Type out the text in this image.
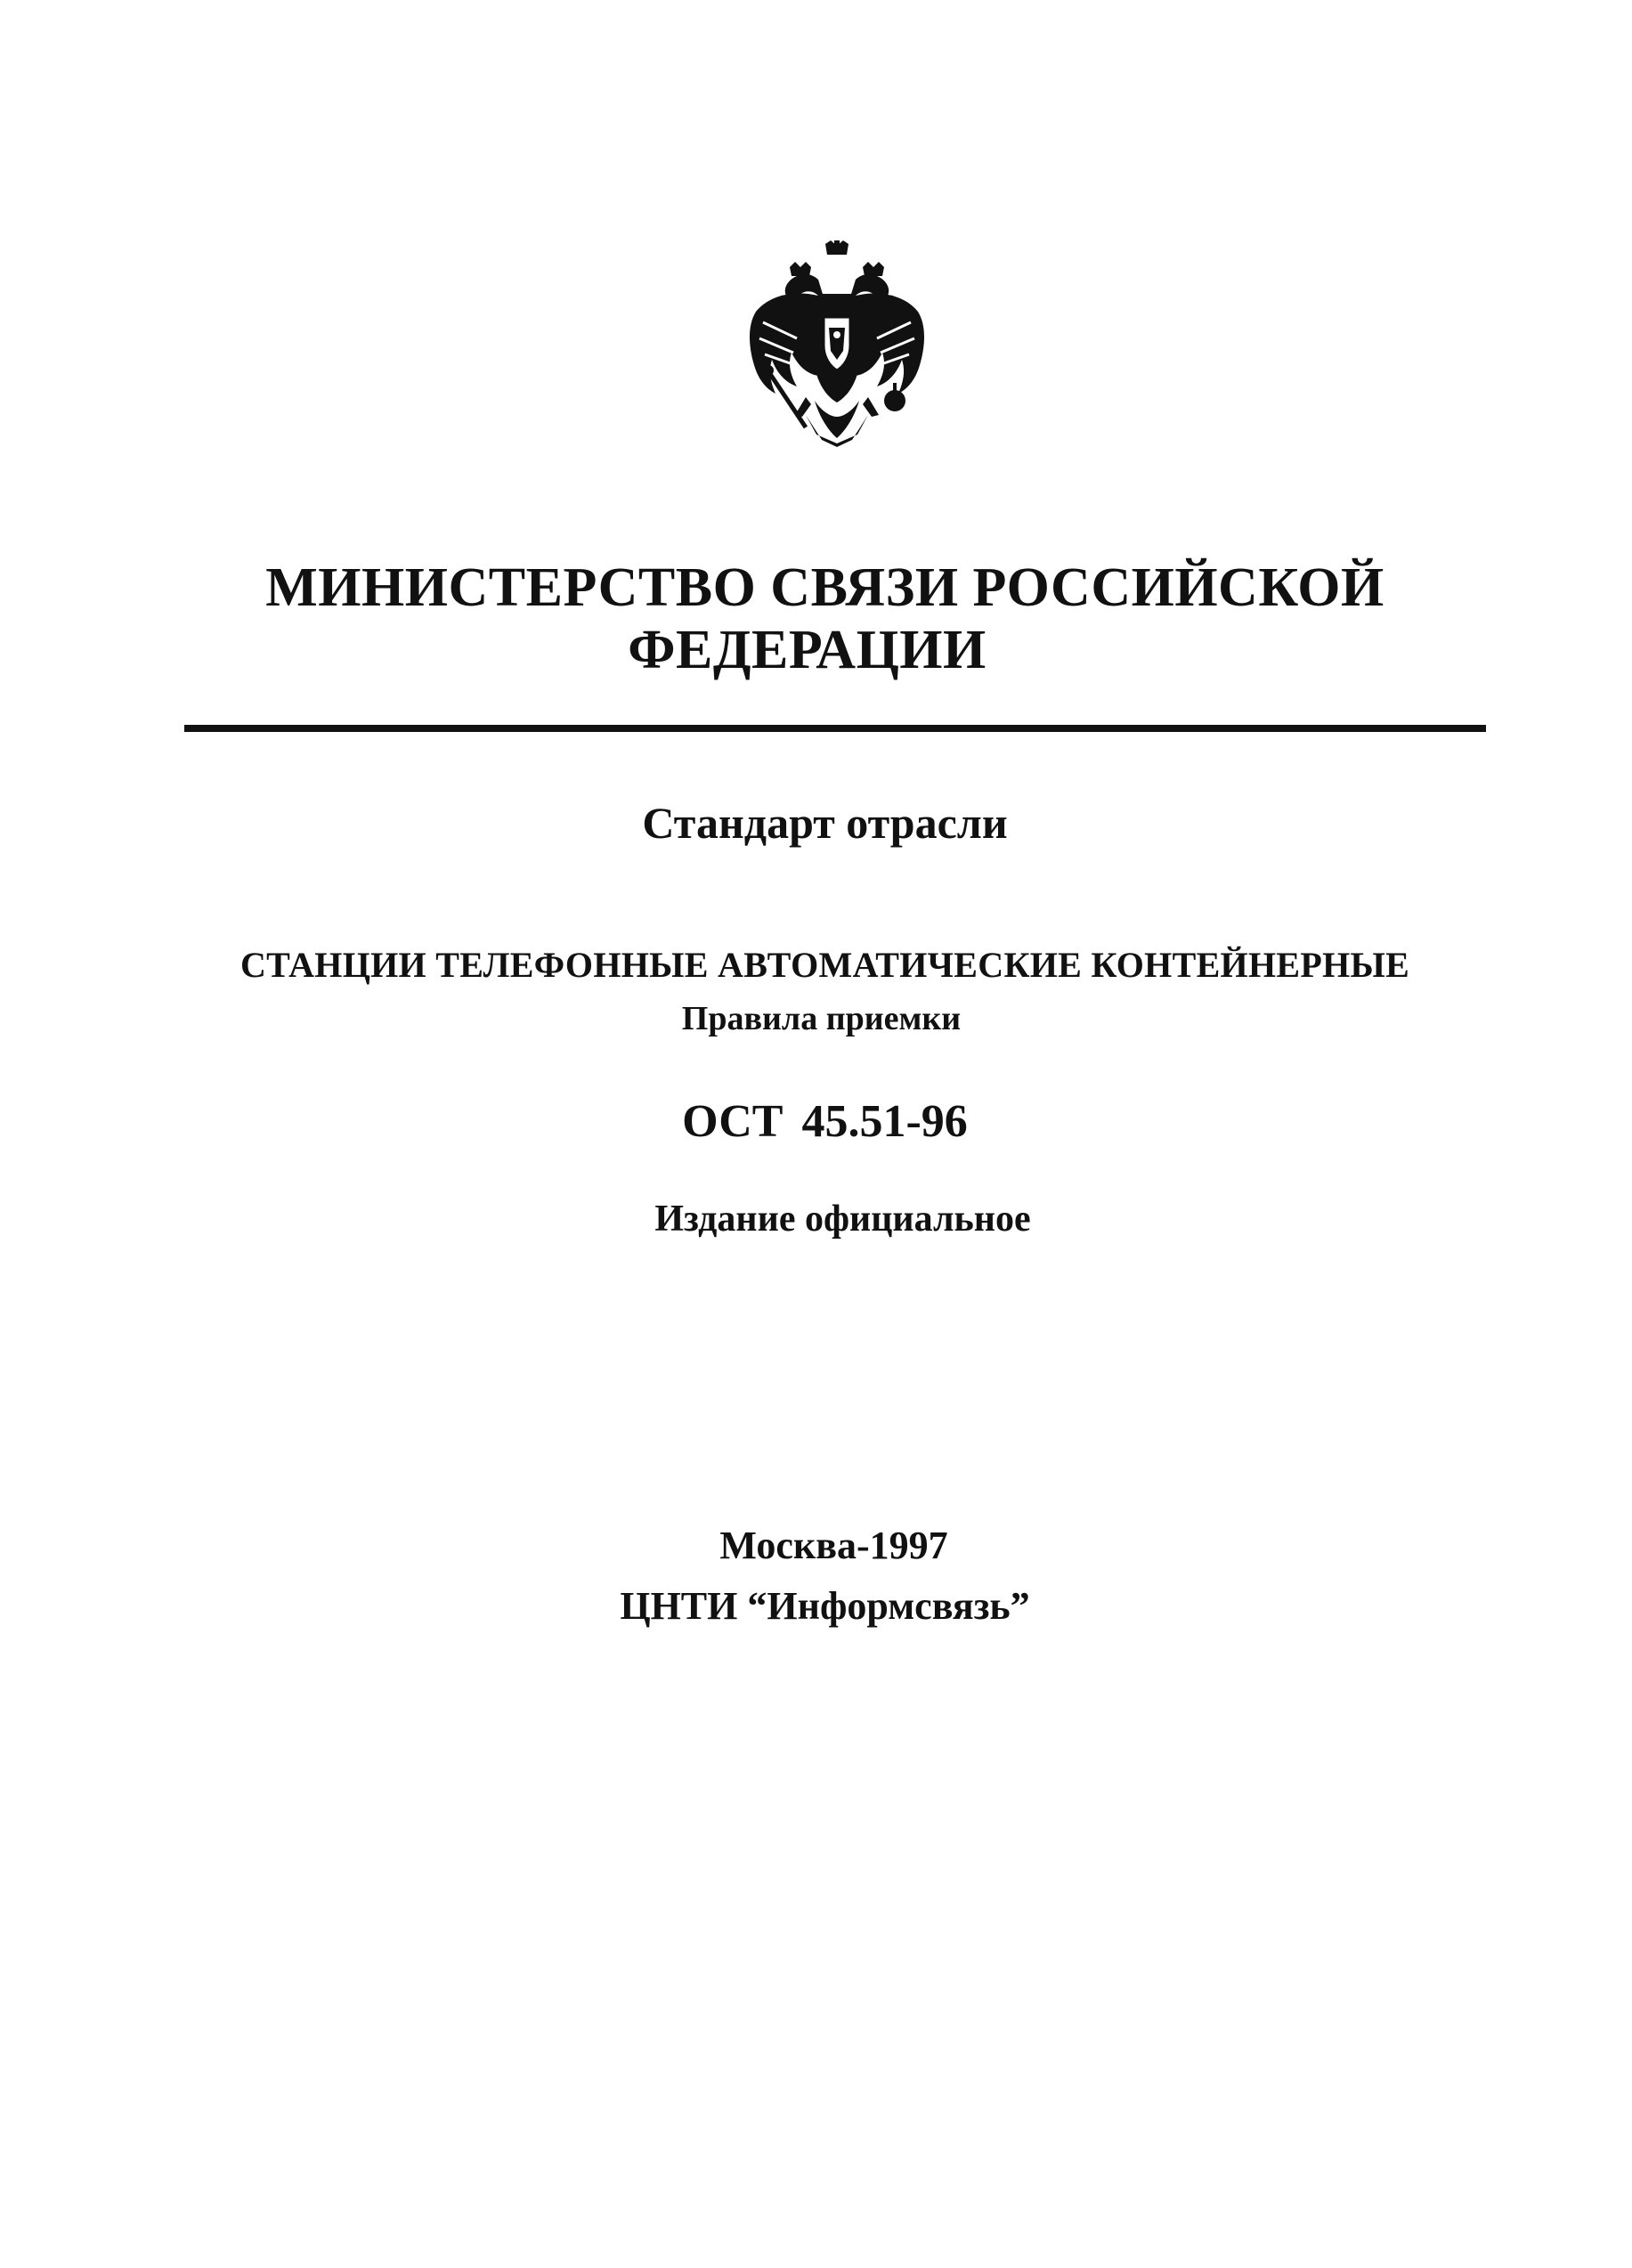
МИНИСТЕРСТВО СВЯЗИ РОССИЙСКОЙ
ФЕДЕРАЦИИ
Стандарт отрасли
СТАНЦИИ ТЕЛЕФОННЫЕ АВТОМАТИЧЕСКИЕ КОНТЕЙНЕРНЫЕ
Правила приемки
ОСТ 45.51-96
Издание официальное
Москва-1997
ЦНТИ “Информсвязь”
